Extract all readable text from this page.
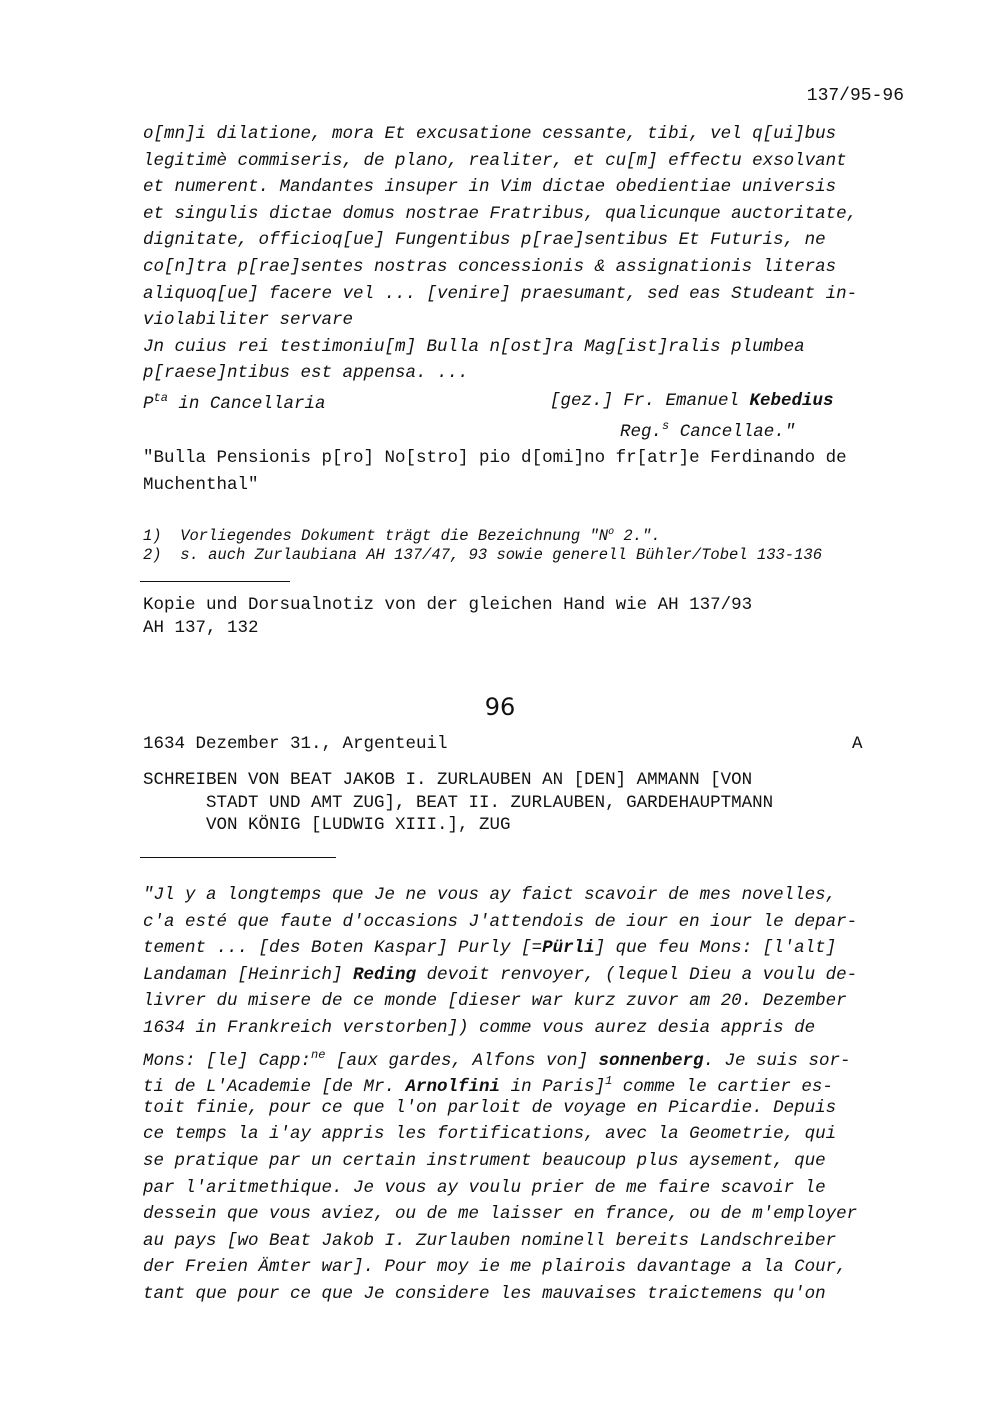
137/95-96
o[mn]i dilatione, mora Et excusatione cessante, tibi, vel q[ui]bus
legitimè commiseris, de plano, realiter, et cu[m] effectu exsolvant
et numerent. Mandantes insuper in Vim dictae obedientiae universis
et singulis dictae domus nostrae Fratribus, qualicunque auctoritate,
dignitate, officioq[ue] Fungentibus p[rae]sentibus Et Futuris, ne
co[n]tra p[rae]sentes nostras concessionis & assignationis literas
aliquoq[ue] facere vel ... [venire] praesumant, sed eas Studeant in-
violabiliter servare
Jn cuius rei testimoniu[m] Bulla n[ost]ra Mag[ist]ralis plumbea
p[raese]ntibus est appensa. ...
$P^{ta}$ in Cancellaria	[gez.] Fr. Emanuel Kebedius
Reg.$^s$ Cancellae."
"Bulla Pensionis p[ro] No[stro] pio d[omi]no fr[atr]e Ferdinando de
Muchenthal"
1)  Vorliegendes Dokument trägt die Bezeichnung "$N^o$ 2.".
2)  s. auch Zurlaubiana AH 137/47, 93 sowie generell Bühler/Tobel 133-136
Kopie und Dorsualnotiz von der gleichen Hand wie AH 137/93
AH 137, 132
96
1634 Dezember 31., Argenteuil	A
SCHREIBEN VON BEAT JAKOB I. ZURLAUBEN AN [DEN] AMMANN [VON
STADT UND AMT ZUG], BEAT II. ZURLAUBEN, GARDEHAUPTMANN
VON KÖNIG [LUDWIG XIII.], ZUG
"Jl y a longtemps que Je ne vous ay faict scavoir de mes novelles,
c'a esté que faute d'occasions J'attendois de iour en iour le depar-
tement ... [des Boten Kaspar] Purly [=Pürli] que feu Mons: [l'alt]
Landaman [Heinrich] Reding devoit renvoyer, (lequel Dieu a voulu de-
livrer du misere de ce monde [dieser war kurz zuvor am 20. Dezember
1634 in Frankreich verstorben]) comme vous aurez desia appris de
Mons: [le] Capp:$^{ne}$ [aux gardes, Alfons von] sonnenberg. Je suis sor-
ti de L'Academie [de Mr. Arnolfini in Paris]$^1$ comme le cartier es-
toit finie, pour ce que l'on parloit de voyage en Picardie. Depuis
ce temps la i'ay appris les fortifications, avec la Geometrie, qui
se pratique par un certain instrument beaucoup plus aysement, que
par l'aritmethique. Je vous ay voulu prier de me faire scavoir le
dessein que vous aviez, ou de me laisser en france, ou de m'employer
au pays [wo Beat Jakob I. Zurlauben nominell bereits Landschreiber
der Freien Ämter war]. Pour moy ie me plairois davantage a la Cour,
tant que pour ce que Je considere les mauvaises traictemens qu'on
